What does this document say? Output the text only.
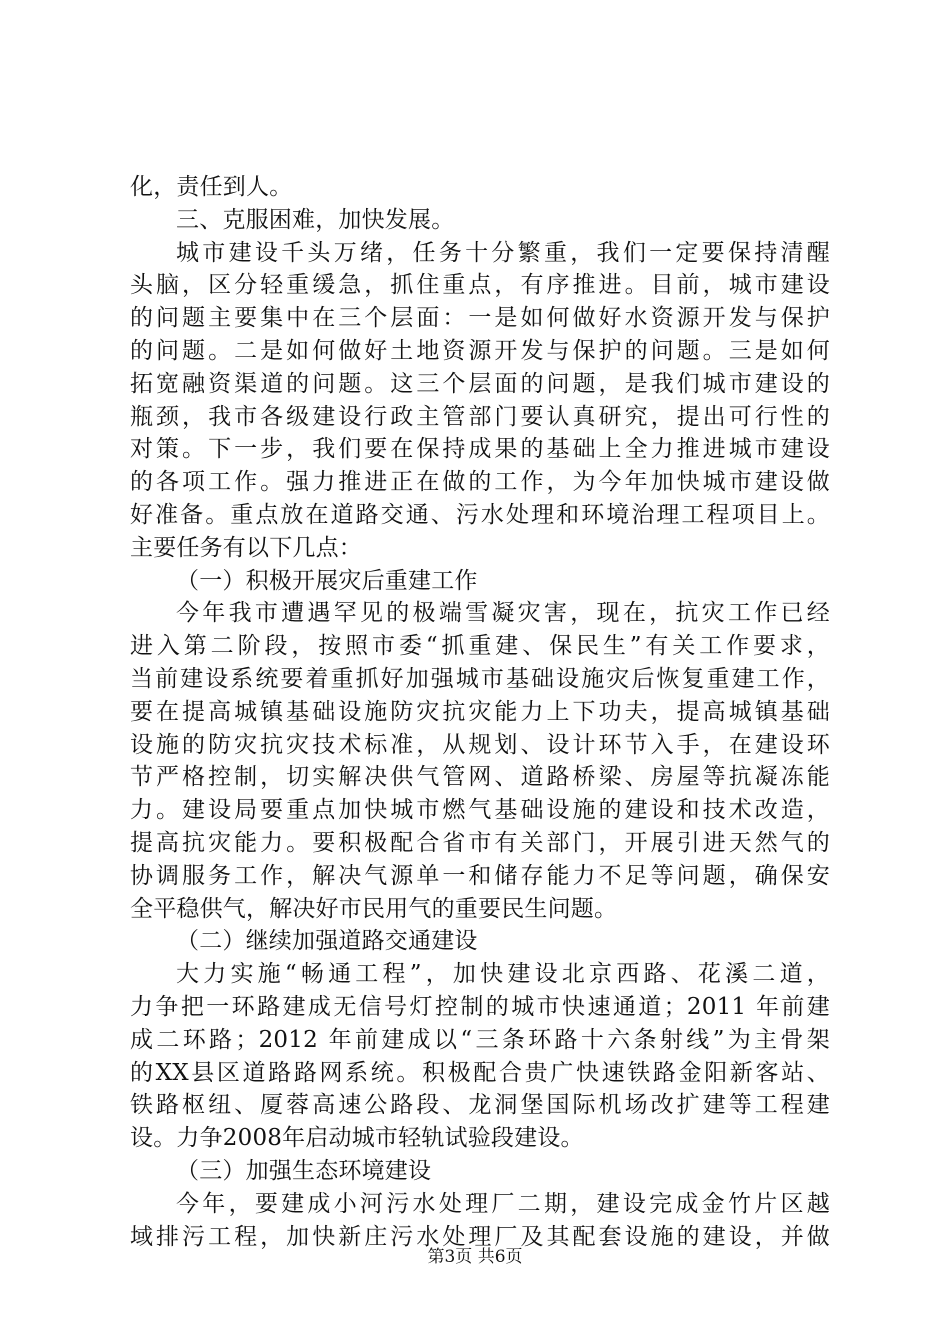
化，责任到人。
三、克服困难，加快发展。
城市建设千头万绪，任务十分繁重，我们一定要保持清醒
头脑，区分轻重缓急，抓住重点，有序推进。目前，城市建设
的问题主要集中在三个层面：一是如何做好水资源开发与保护
的问题。二是如何做好土地资源开发与保护的问题。三是如何
拓宽融资渠道的问题。这三个层面的问题，是我们城市建设的
瓶颈，我市各级建设行政主管部门要认真研究，提出可行性的
对策。下一步，我们要在保持成果的基础上全力推进城市建设
的各项工作。强力推进正在做的工作，为今年加快城市建设做
好准备。重点放在道路交通、污水处理和环境治理工程项目上。
主要任务有以下几点：
（一）积极开展灾后重建工作
今年我市遭遇罕见的极端雪凝灾害，现在，抗灾工作已经
进入第二阶段，按照市委“抓重建、保民生”有关工作要求，
当前建设系统要着重抓好加强城市基础设施灾后恢复重建工作，
要在提高城镇基础设施防灾抗灾能力上下功夫，提高城镇基础
设施的防灾抗灾技术标准，从规划、设计环节入手，在建设环
节严格控制，切实解决供气管网、道路桥梁、房屋等抗凝冻能
力。建设局要重点加快城市燃气基础设施的建设和技术改造，
提高抗灾能力。要积极配合省市有关部门，开展引进天然气的
协调服务工作，解决气源单一和储存能力不足等问题，确保安
全平稳供气，解决好市民用气的重要民生问题。
（二）继续加强道路交通建设
大力实施“畅通工程”，加快建设北京西路、花溪二道，
力争把一环路建成无信号灯控制的城市快速通道；2011 年前建
成二环路；2012 年前建成以“三条环路十六条射线”为主骨架
的XX县区道路路网系统。积极配合贵广快速铁路金阳新客站、
铁路枢纽、厦蓉高速公路段、龙洞堡国际机场改扩建等工程建
设。力争2008年启动城市轻轨试验段建设。
（三）加强生态环境建设
今年，要建成小河污水处理厂二期，建设完成金竹片区越
域排污工程，加快新庄污水处理厂及其配套设施的建设，并做
第3页 共6页
